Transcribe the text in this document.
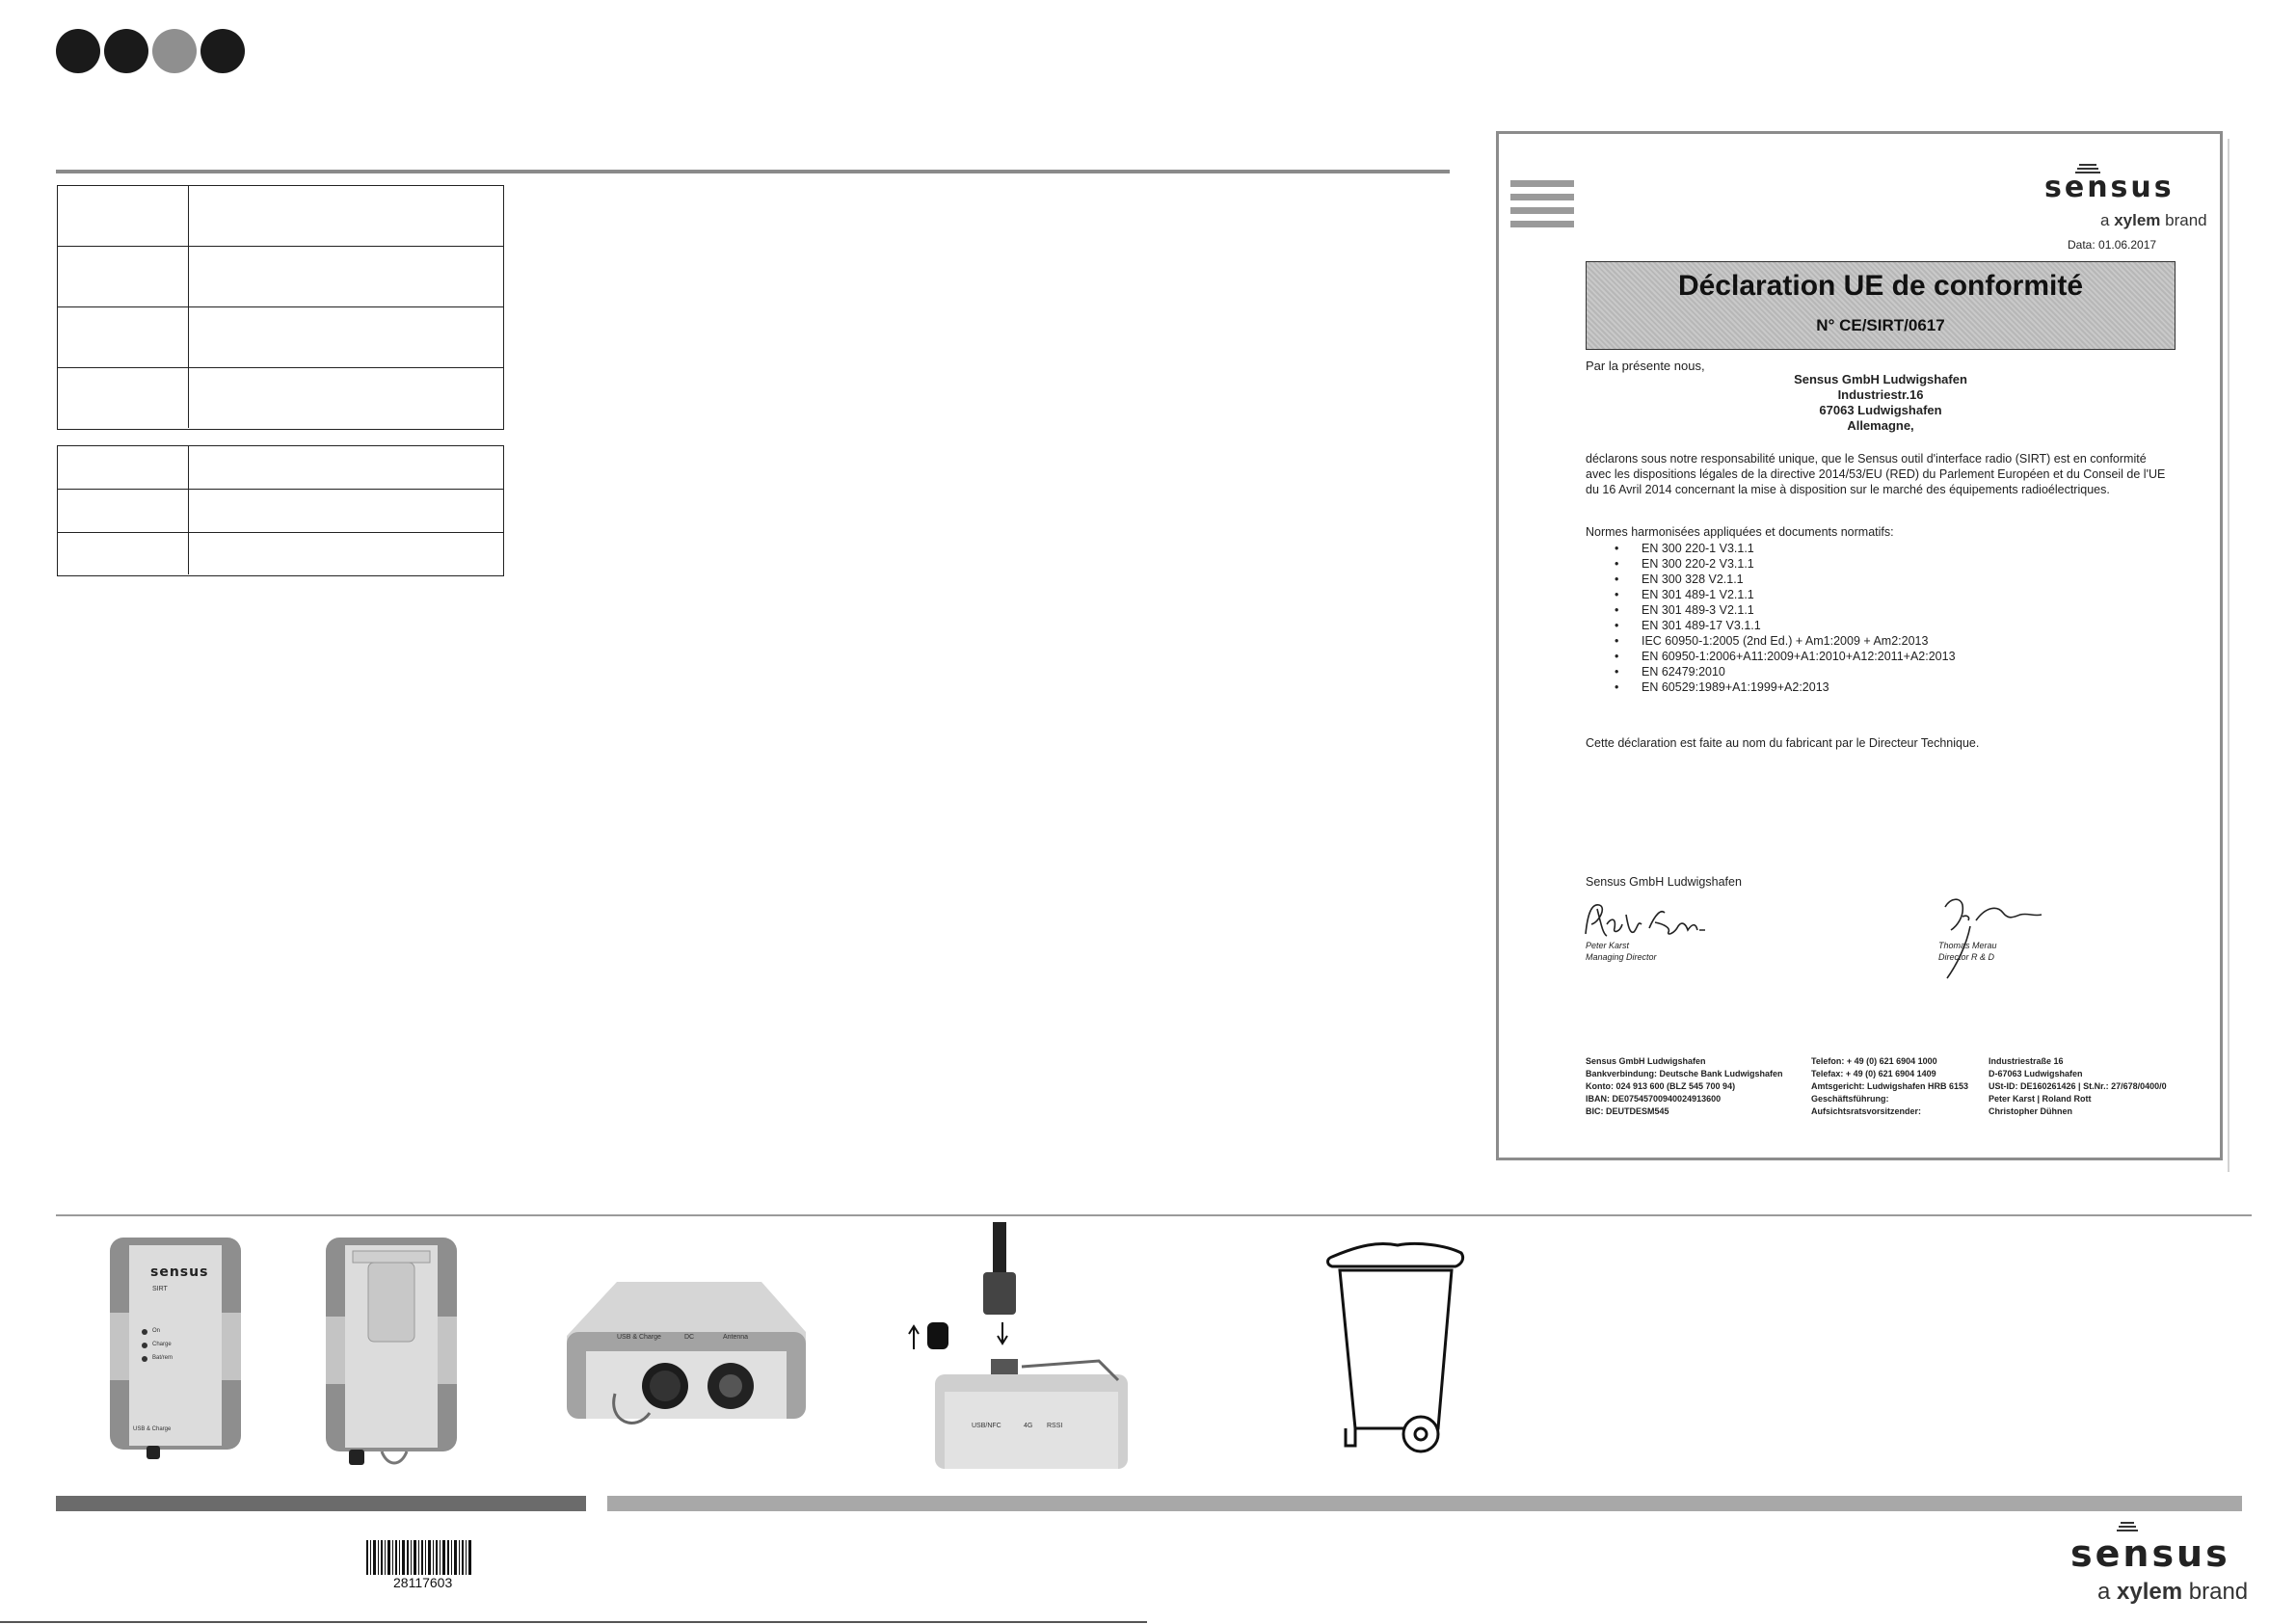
sensus
a xylem brand
Data: 01.06.2017
Déclaration UE de conformité
N° CE/SIRT/0617
Par la présente nous,
Sensus GmbH Ludwigshafen
Industriestr.16
67063 Ludwigshafen
Allemagne,
déclarons sous notre responsabilité unique, que le Sensus outil d'interface radio (SIRT) est en conformité
avec les dispositions légales de la directive 2014/53/EU (RED) du Parlement Européen et du Conseil de l'UE
du 16 Avril 2014 concernant la mise à disposition sur le marché des équipements radioélectriques.
Normes harmonisées appliquées et documents normatifs:
• EN 300 220-1 V3.1.1
• EN 300 220-2 V3.1.1
• EN 300 328 V2.1.1
• EN 301 489-1 V2.1.1
• EN 301 489-3 V2.1.1
• EN 301 489-17 V3.1.1
• IEC 60950-1:2005 (2nd Ed.) + Am1:2009 + Am2:2013
• EN 60950-1:2006+A11:2009+A1:2010+A12:2011+A2:2013
• EN 62479:2010
• EN 60529:1989+A1:1999+A2:2013
Cette déclaration est faite au nom du fabricant par le Directeur Technique.
Sensus GmbH Ludwigshafen
Peter Karst
Managing Director
Thomas Merau
Director R & D
Sensus GmbH Ludwigshafen
Bankverbindung: Deutsche Bank Ludwigshafen
Konto: 024 913 600 (BLZ 545 700 94)
IBAN: DE07545700940024913600
BIC: DEUTDESM545
Telefon: + 49 (0) 621 6904 1000
Telefax: + 49 (0) 621 6904 1409
Amtsgericht: Ludwigshafen HRB 6153
Geschäftsführung:
Aufsichtsratsvorsitzender:
Industriestraße 16
D-67063 Ludwigshafen
USt-ID: DE160261426 | St.Nr.: 27/678/0400/0
Peter Karst | Roland Rott
Christopher Dühnen
sensus
SIRT
On
Charge
Bat/rem
USB & Charge
USB & Charge	DC	Antenna
USB/NFC	4G RSSI
28117603
sensus
a xylem brand
